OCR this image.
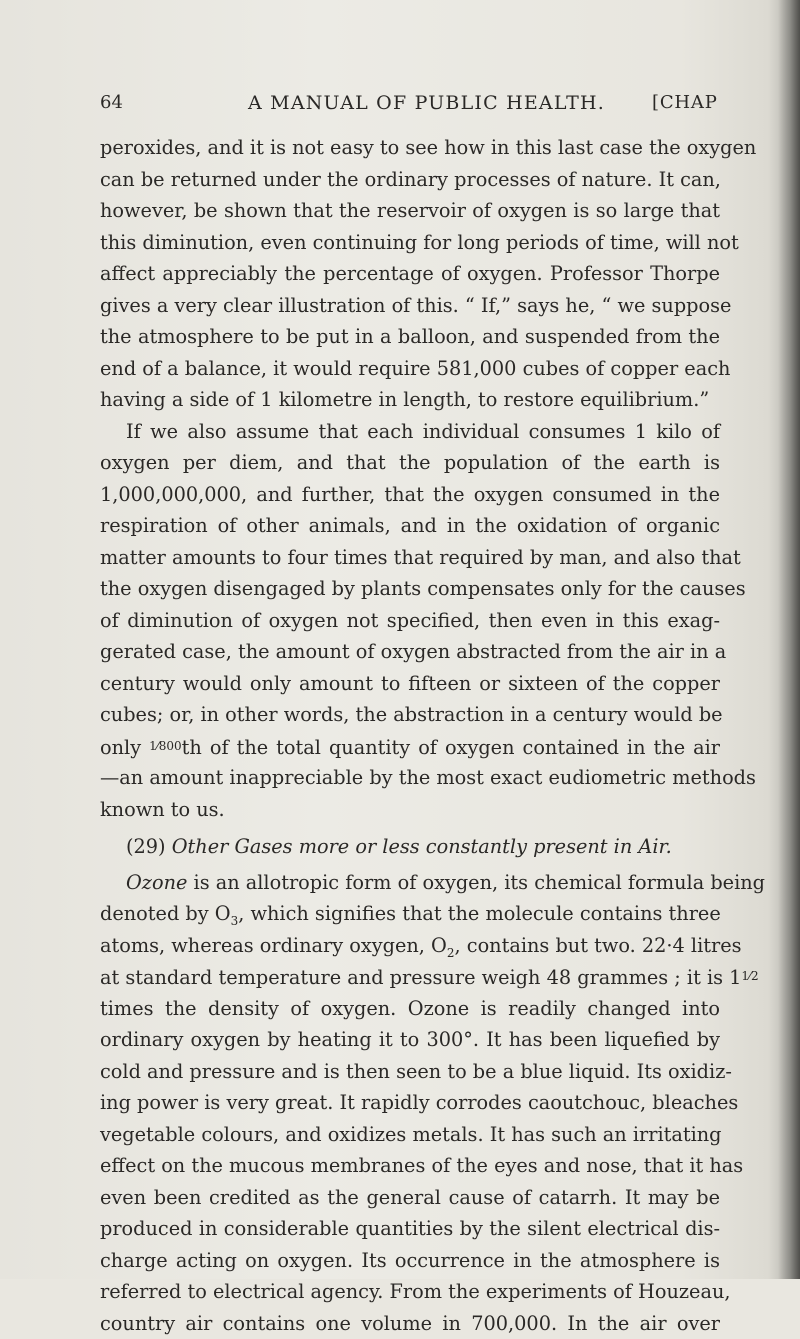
64	A MANUAL OF PUBLIC HEALTH.	[CHAP
peroxides, and it is not easy to see how in this last case the oxygen
can be returned under the ordinary processes of nature. It can,
however, be shown that the reservoir of oxygen is so large that
this diminution, even continuing for long periods of time, will not
affect appreciably the percentage of oxygen. Professor Thorpe
gives a very clear illustration of this. “ If,” says he, “ we suppose
the atmosphere to be put in a balloon, and suspended from the
end of a balance, it would require 581,000 cubes of copper each
having a side of 1 kilometre in length, to restore equilibrium.”
If we also assume that each individual consumes 1 kilo of
oxygen per diem, and that the population of the earth is
1,000,000,000, and further, that the oxygen consumed in the
respiration of other animals, and in the oxidation of organic
matter amounts to four times that required by man, and also that
the oxygen disengaged by plants compensates only for the causes
of diminution of oxygen not specified, then even in this exag-
gerated case, the amount of oxygen abstracted from the air in a
century would only amount to fifteen or sixteen of the copper
cubes; or, in other words, the abstraction in a century would be
only $^{1⁄800}$th of the total quantity of oxygen contained in the air
—an amount inappreciable by the most exact eudiometric methods
known to us.
(29) Other Gases more or less constantly present in Air.
Ozone is an allotropic form of oxygen, its chemical formula being
denoted by $O_3$, which signifies that the molecule contains three
atoms, whereas ordinary oxygen, $O_2$, contains but two. 22·4 litres
at standard temperature and pressure weigh 48 grammes ; it is $1^{1⁄2}$
times the density of oxygen. Ozone is readily changed into
ordinary oxygen by heating it to 300°. It has been liquefied by
cold and pressure and is then seen to be a blue liquid. Its oxidiz-
ing power is very great. It rapidly corrodes caoutchouc, bleaches
vegetable colours, and oxidizes metals. It has such an irritating
effect on the mucous membranes of the eyes and nose, that it has
even been credited as the general cause of catarrh. It may be
produced in considerable quantities by the silent electrical dis-
charge acting on oxygen. Its occurrence in the atmosphere is
referred to electrical agency. From the experiments of Houzeau,
country air contains one volume in 700,000. In the air over
